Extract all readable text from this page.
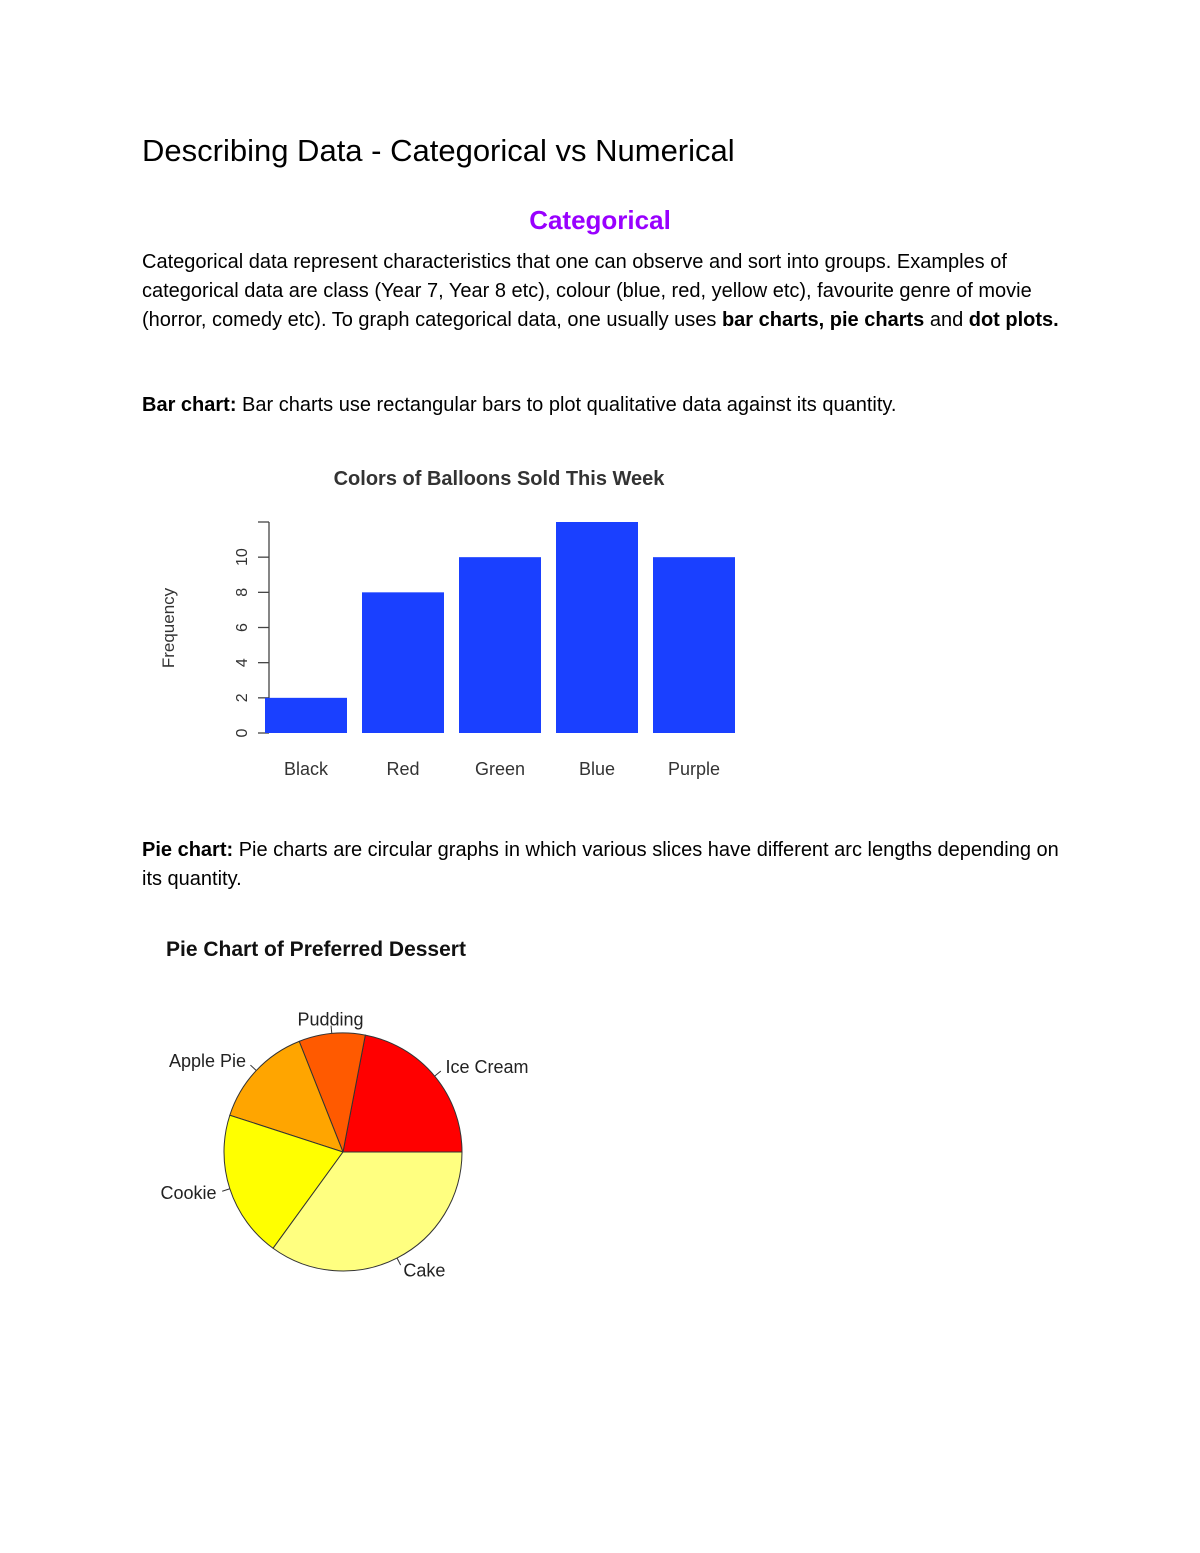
Describing Data - Categorical vs Numerical
Categorical

Categorical data represent characteristics that one can observe and sort into groups. Examples of categorical data are class (Year 7, Year 8 etc), colour (blue, red, yellow etc), favourite genre of movie (horror, comedy etc). To graph categorical data, one usually uses bar charts, pie charts and dot plots.

Bar chart: Bar charts use rectangular bars to plot qualitative data against its quantity.

Colors of Balloons Sold This Week
Frequency
0
2
4
6
8
10
Black	Red	Green	Blue	Purple

Pie chart: Pie charts are circular graphs in which various slices have different arc lengths depending on its quantity.

Pie Chart of Preferred Dessert
Ice Cream
Pudding
Apple Pie
Cookie
Cake
